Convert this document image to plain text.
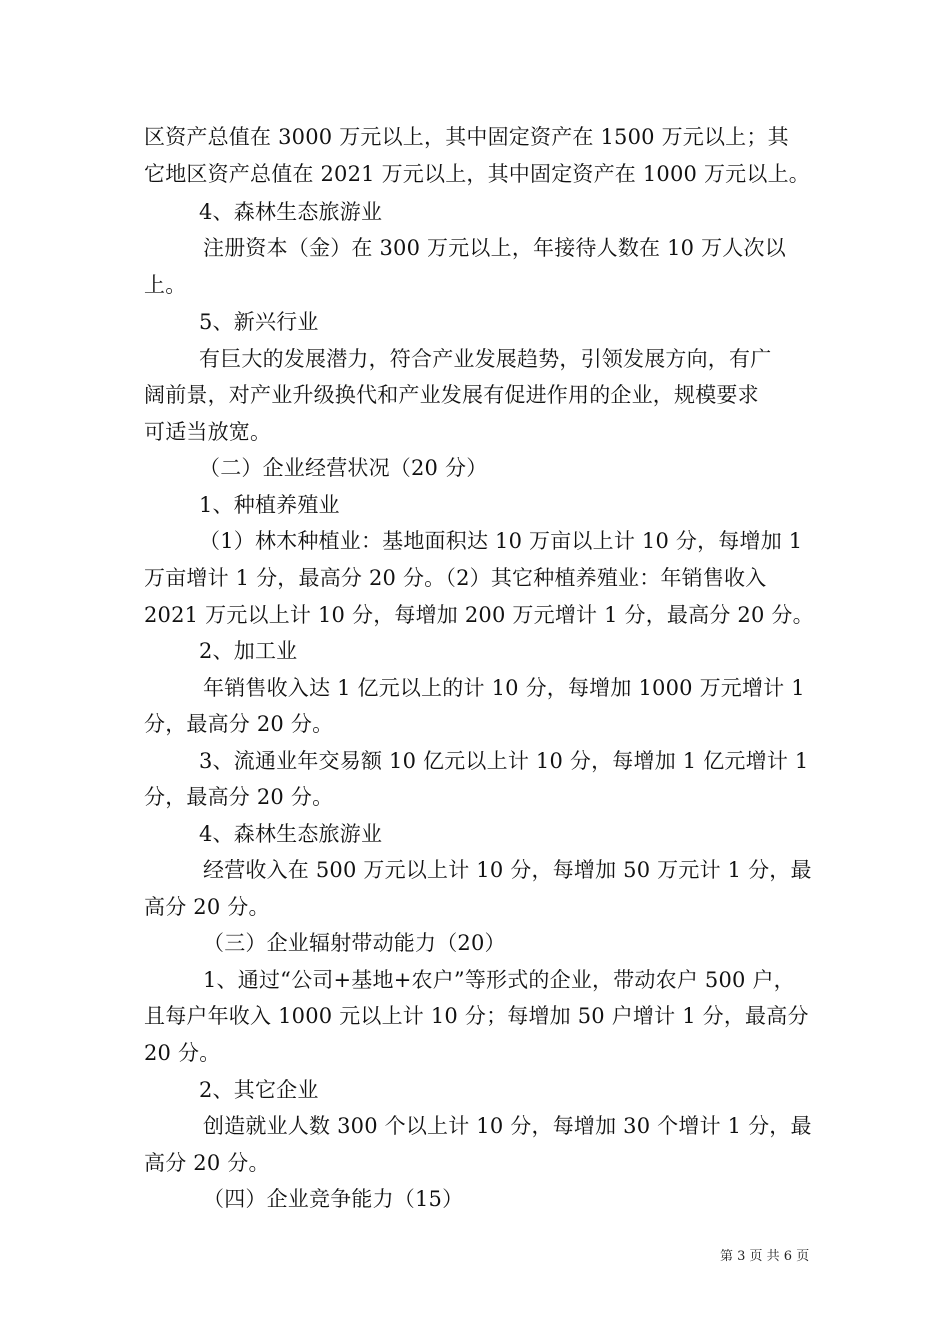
区资产总值在 3000 万元以上，其中固定资产在 1500 万元以上；其
它地区资产总值在 2021 万元以上，其中固定资产在 1000 万元以上。
4、森林生态旅游业
注册资本（金）在 300 万元以上，年接待人数在 10 万人次以
上。
5、新兴行业
有巨大的发展潜力，符合产业发展趋势，引领发展方向，有广
阔前景，对产业升级换代和产业发展有促进作用的企业，规模要求
可适当放宽。
（二）企业经营状况（20 分）
1、种植养殖业
（1）林木种植业：基地面积达 10 万亩以上计 10 分，每增加 1
万亩增计 1 分，最高分 20 分。（2）其它种植养殖业：年销售收入
2021 万元以上计 10 分，每增加 200 万元增计 1 分，最高分 20 分。
2、加工业
年销售收入达 1 亿元以上的计 10 分，每增加 1000 万元增计 1
分，最高分 20 分。
3、流通业年交易额 10 亿元以上计 10 分，每增加 1 亿元增计 1
分，最高分 20 分。
4、森林生态旅游业
经营收入在 500 万元以上计 10 分，每增加 50 万元计 1 分，最
高分 20 分。
（三）企业辐射带动能力（20）
1、通过“公司+基地+农户”等形式的企业，带动农户 500 户，
且每户年收入 1000 元以上计 10 分；每增加 50 户增计 1 分，最高分
20 分。
2、其它企业
创造就业人数 300 个以上计 10 分，每增加 30 个增计 1 分，最
高分 20 分。
（四）企业竞争能力（15）
第 3 页 共 6 页
